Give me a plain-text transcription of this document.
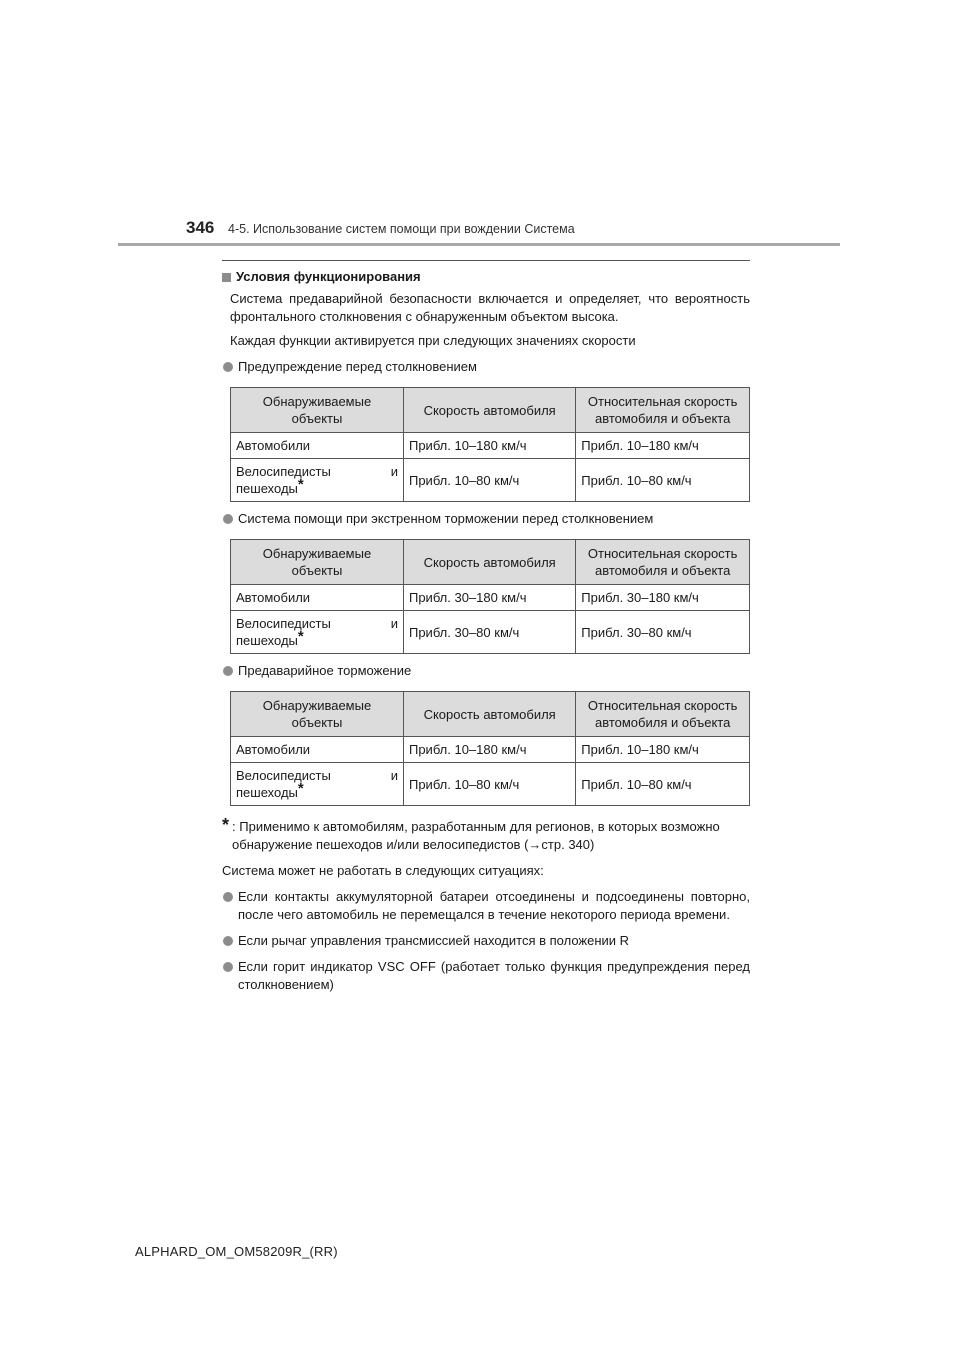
346 4-5. Использование систем помощи при вождении Система
Условия функционирования
Система предаварийной безопасности включается и определяет, что вероятность фронтального столкновения с обнаруженным объектом высока.
Каждая функции активируется при следующих значениях скорости
Предупреждение перед столкновением
Обнаруживаемые объекты	Скорость автомобиля	Относительная скорость автомобиля и объекта
Автомобили	Прибл. 10–180 км/ч	Прибл. 10–180 км/ч

Велосипедисты и
пешеходы*	Прибл. 10–80 км/ч	Прибл. 10–80 км/ч
Система помощи при экстренном торможении перед столкновением
Обнаруживаемые объекты	Скорость автомобиля	Относительная скорость автомобиля и объекта
Автомобили	Прибл. 30–180 км/ч	Прибл. 30–180 км/ч

Велосипедисты и
пешеходы*	Прибл. 30–80 км/ч	Прибл. 30–80 км/ч
Предаварийное торможение
Обнаруживаемые объекты	Скорость автомобиля	Относительная скорость автомобиля и объекта
Автомобили	Прибл. 10–180 км/ч	Прибл. 10–180 км/ч

Велосипедисты и
пешеходы*	Прибл. 10–80 км/ч	Прибл. 10–80 км/ч
* : Применимо к автомобилям, разработанным для регионов, в которых возможно обнаружение пешеходов и/или велосипедистов (→стр. 340)
Система может не работать в следующих ситуациях:
Если контакты аккумуляторной батареи отсоединены и подсоединены повторно, после чего автомобиль не перемещался в течение некоторого периода времени.
Если рычаг управления трансмиссией находится в положении R
Если горит индикатор VSC OFF (работает только функция предупреждения перед столкновением)
ALPHARD_OM_OM58209R_(RR)
